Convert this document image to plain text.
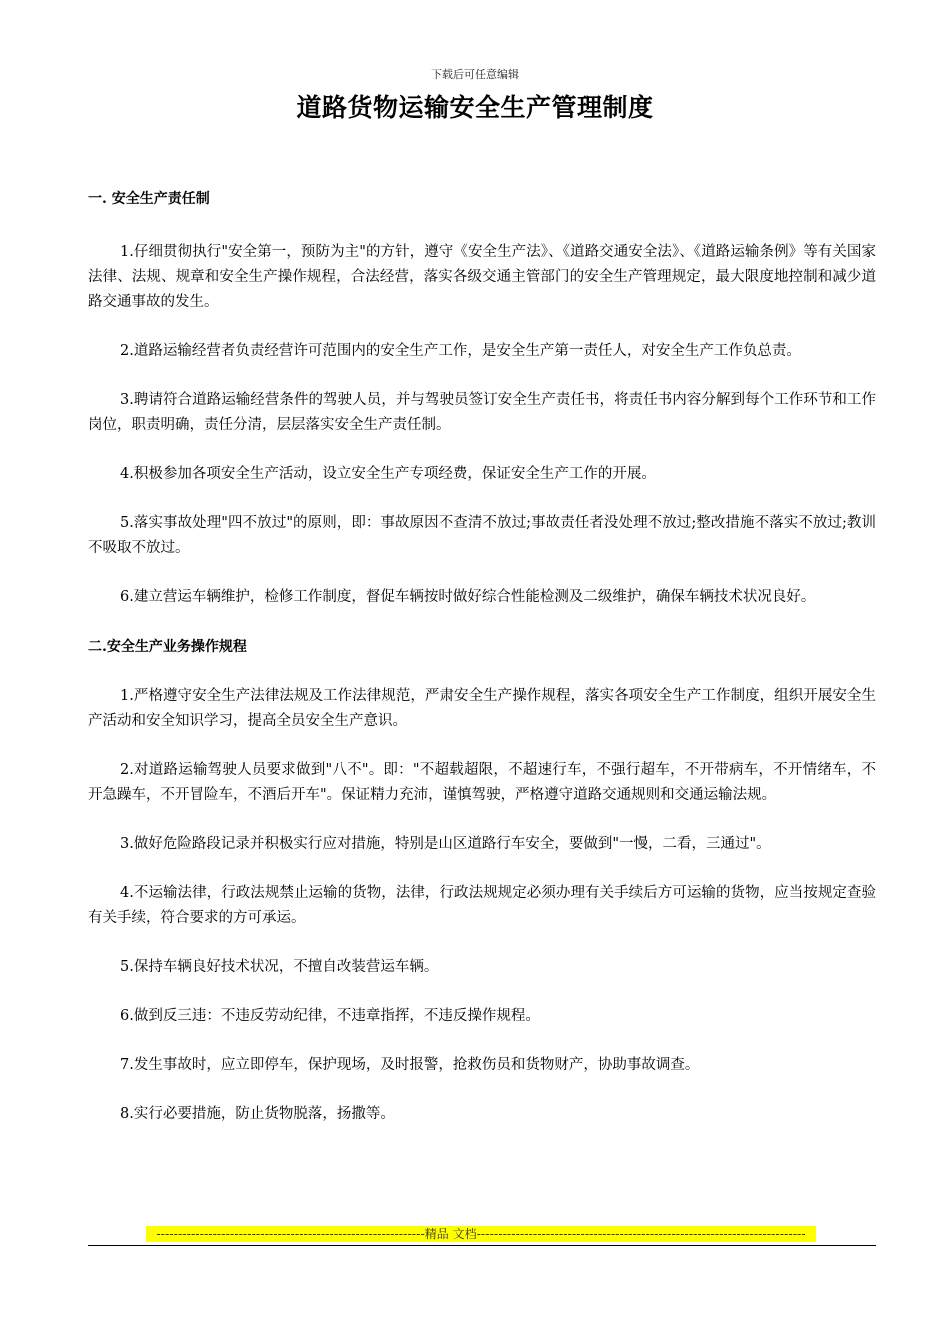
下载后可任意编辑
道路货物运输安全生产管理制度
一. 安全生产责任制

1.仔细贯彻执行"安全第一，预防为主"的方针，遵守《安全生产法》、《道路交通安全法》、《道路运输条例》等有关国家法律、法规、规章和安全生产操作规程，合法经营，落实各级交通主管部门的安全生产管理规定，最大限度地控制和减少道路交通事故的发生。

2.道路运输经营者负责经营许可范围内的安全生产工作，是安全生产第一责任人，对安全生产工作负总责。

3.聘请符合道路运输经营条件的驾驶人员，并与驾驶员签订安全生产责任书，将责任书内容分解到每个工作环节和工作岗位，职责明确，责任分清，层层落实安全生产责任制。

4.积极参加各项安全生产活动，设立安全生产专项经费，保证安全生产工作的开展。

5.落实事故处理"四不放过"的原则，即：事故原因不查清不放过;事故责任者没处理不放过;整改措施不落实不放过;教训不吸取不放过。

6.建立营运车辆维护，检修工作制度，督促车辆按时做好综合性能检测及二级维护，确保车辆技术状况良好。

二.安全生产业务操作规程

1.严格遵守安全生产法律法规及工作法律规范，严肃安全生产操作规程，落实各项安全生产工作制度，组织开展安全生产活动和安全知识学习，提高全员安全生产意识。

2.对道路运输驾驶人员要求做到"八不"。即："不超载超限，不超速行车，不强行超车，不开带病车，不开情绪车，不开急躁车，不开冒险车，不酒后开车"。保证精力充沛，谨慎驾驶，严格遵守道路交通规则和交通运输法规。

3.做好危险路段记录并积极实行应对措施，特别是山区道路行车安全，要做到"一慢，二看，三通过"。

4.不运输法律，行政法规禁止运输的货物，法律，行政法规规定必须办理有关手续后方可运输的货物，应当按规定查验有关手续，符合要求的方可承运。

5.保持车辆良好技术状况，不擅自改装营运车辆。

6.做到反三违：不违反劳动纪律，不违章指挥，不违反操作规程。

7.发生事故时，应立即停车，保护现场，及时报警，抢救伤员和货物财产，协助事故调查。

8.实行必要措施，防止货物脱落，扬撒等。

--------------------------------------------------------------精品 文档----------------------------------------------------------------------------
